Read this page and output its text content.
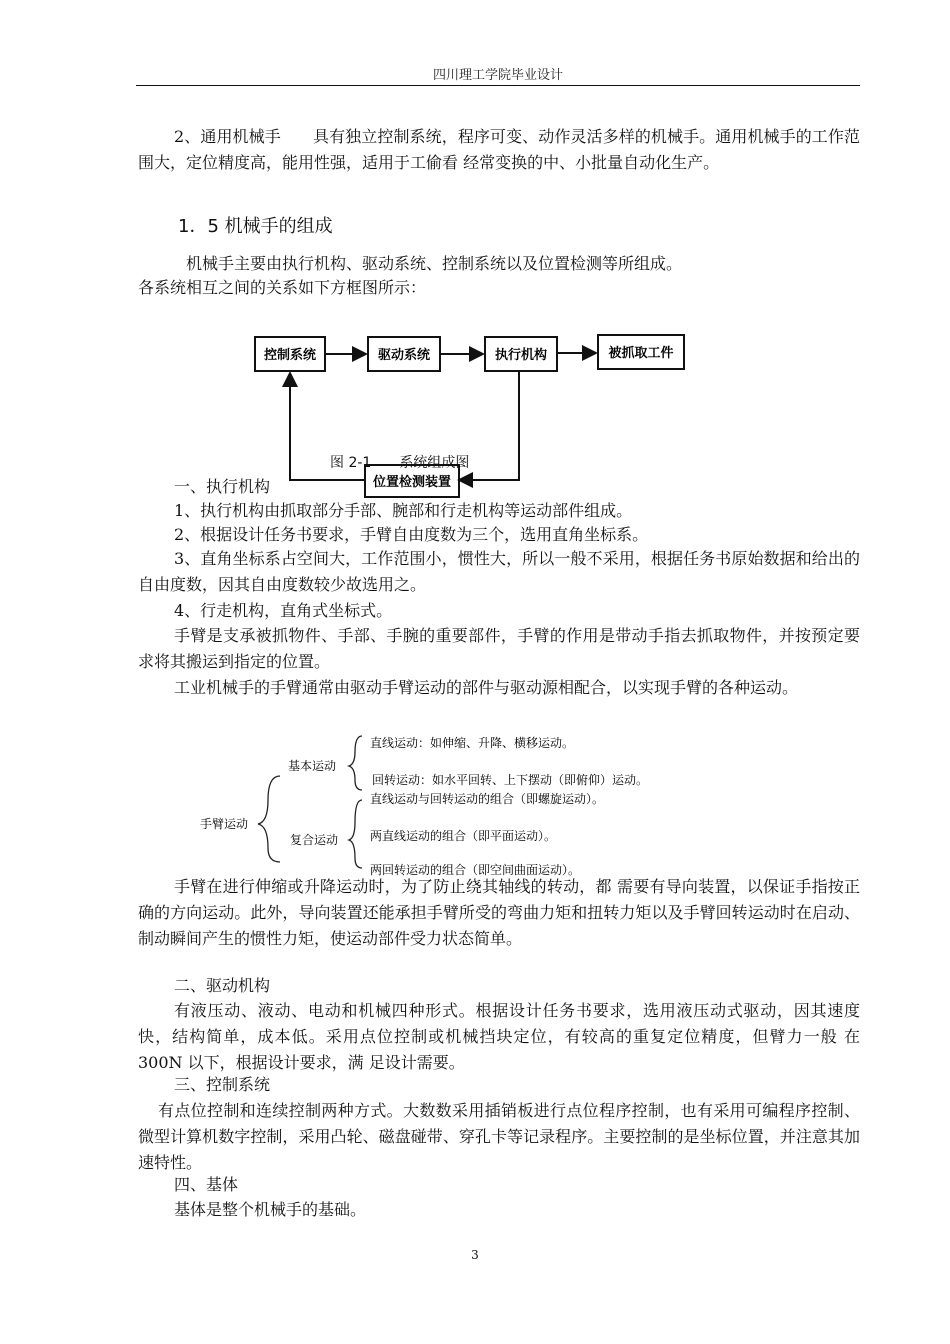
四川理工学院毕业设计

2、通用机械手　　具有独立控制系统，程序可变、动作灵活多样的机械手。通用机械手的工作范围大，定位精度高，能用性强，适用于工偷看 经常变换的中、小批量自动化生产。

1．5 机械手的组成

机械手主要由执行机构、驱动系统、控制系统以及位置检测等所组成。

各系统相互之间的关系如下方框图所示：

控制系统	驱动系统	执行机构	被抓取工件
位置检测装置
图 2-1　　系统组成图

一、执行机构

1、执行机构由抓取部分手部、腕部和行走机构等运动部件组成。

2、根据设计任务书要求，手臂自由度数为三个，选用直角坐标系。

3、直角坐标系占空间大，工作范围小，惯性大，所以一般不采用，根据任务书原始数据和给出的自由度数，因其自由度数较少故选用之。

4、行走机构，直角式坐标式。

手臂是支承被抓物件、手部、手腕的重要部件，手臂的作用是带动手指去抓取物件，并按预定要求将其搬运到指定的位置。

工业机械手的手臂通常由驱动手臂运动的部件与驱动源相配合，以实现手臂的各种运动。

手臂运动
基本运动
复合运动
直线运动：如伸缩、升降、横移运动。
回转运动：如水平回转、上下摆动（即俯仰）运动。
直线运动与回转运动的组合（即螺旋运动）。
两直线运动的组合（即平面运动）。
两回转运动的组合（即空间曲面运动）。

手臂在进行伸缩或升降运动时，为了防止绕其轴线的转动，都 需要有导向装置，以保证手指按正确的方向运动。此外，导向装置还能承担手臂所受的弯曲力矩和扭转力矩以及手臂回转运动时在启动、制动瞬间产生的惯性力矩，使运动部件受力状态简单。

二、驱动机构

有液压动、液动、电动和机械四种形式。根据设计任务书要求，选用液压动式驱动，因其速度快，结构简单，成本低。采用点位控制或机械挡块定位，有较高的重复定位精度，但臂力一般 在 300N 以下，根据设计要求，满 足设计需要。

三、控制系统

有点位控制和连续控制两种方式。大数数采用插销板进行点位程序控制，也有采用可编程序控制、微型计算机数字控制，采用凸轮、磁盘碰带、穿孔卡等记录程序。主要控制的是坐标位置，并注意其加速特性。

四、基体

基体是整个机械手的基础。

3
